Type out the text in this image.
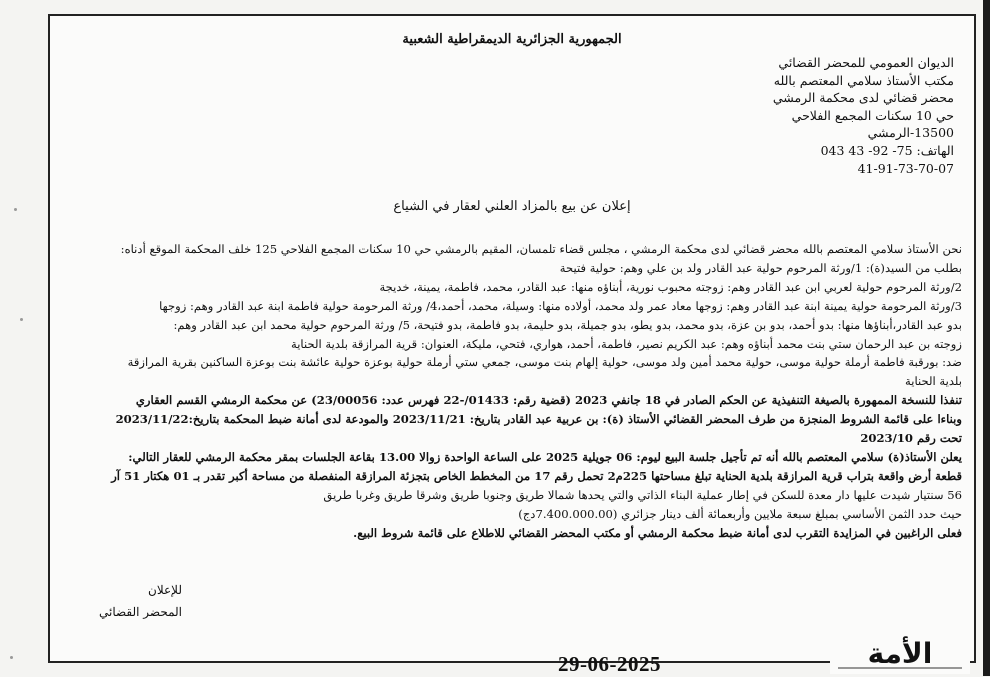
الجمهورية الجزائرية الديمقراطية الشعبية
الديوان العمومي للمحضر القضائي
مكتب الأستاذ سلامي المعتصم بالله
محضر قضائي لدى محكمة الرمشي
حي 10 سكنات المجمع الفلاحي
13500-الرمشي
الهاتف: 75- 92- 43 043
41-91-73-70-07
إعلان عن بيع بالمزاد العلني لعقار في الشياع
نحن الأستاذ سلامي المعتصم بالله محضر قضائي لدى محكمة الرمشي ، مجلس قضاء تلمسان، المقيم بالرمشي حي 10 سكنات المجمع الفلاحي 125 خلف المحكمة الموقع أدناه:
بطلب من السيد(ة): 1/ورثة المرحوم حولية عبد القادر ولد بن علي وهم: حولية فتيحة
2/ورثة المرحوم حولية لعربي ابن عبد القادر وهم: زوجته محبوب نورية، أبناؤه منها: عبد القادر، محمد، فاطمة، يمينة، خديجة
3/ورثة المرحومة حولية يمينة ابنة عبد القادر وهم: زوجها معاد عمر ولد محمد، أولاده منها: وسيلة، محمد، أحمد،4/ ورثة المرحومة حولية فاطمة ابنة عبد القادر وهم: زوجها
بدو عبد القادر،أبناؤها منها: بدو أحمد، بدو بن عزة، بدو محمد، بدو يطو، بدو جميلة، بدو حليمة، بدو فاطمة، بدو فتيحة، 5/ ورثة المرحوم حولية محمد ابن عبد القادر وهم:
زوجته بن عبد الرحمان ستي بنت محمد أبناؤه وهم: عبد الكريم نصير، فاطمة، أحمد، هواري، فتحي، مليكة، العنوان: قرية المرازقة بلدية الحناية
ضد: بورقبة فاطمة أرملة حولية موسى، حولية محمد أمين ولد موسى، حولية إلهام بنت موسى، جمعي ستي أرملة حولية بوعزة حولية عائشة بنت بوعزة الساكنين بقرية المرازقة
بلدية الحناية
تنفذا للنسخة الممهورة بالصيغة التنفيذية عن الحكم الصادر في 18 جانفي 2023 (قضية رقم: 01433/-22 فهرس عدد: 23/00056) عن محكمة الرمشي القسم العقاري
وبناءا على قائمة الشروط المنجزة من طرف المحضر القضائي الأستاذ (ة): بن عربية عبد القادر بتاريخ: 2023/11/21 والمودعة لدى أمانة ضبط المحكمة بتاريخ:2023/11/22
تحت رقم 2023/10
يعلن الأستاذ(ة) سلامي المعتصم بالله أنه تم تأجيل جلسة البيع ليوم: 06 جويلية 2025 على الساعة الواحدة زوالا 13.00 بقاعة الجلسات بمقر محكمة الرمشي للعقار التالي:
قطعة أرض واقعة بتراب قرية المرازقة بلدية الحناية تبلغ مساحتها 225م2 تحمل رقم 17 من المخطط الخاص بتجزئة المرازقة المنفصلة من مساحة أكبر تقدر بـ 01 هكتار 51 آر
56 سنتيار شيدت عليها دار معدة للسكن في إطار عملية البناء الذاتي والتي يحدها شمالا طريق وجنوبا طريق وشرقا طريق وغربا طريق
حيث حدد الثمن الأساسي بمبلغ سبعة ملايين وأربعمائة ألف دينار جزائري (7.400.000.00دج)
فعلى الراغبين في المزايدة التقرب لدى أمانة ضبط محكمة الرمشي أو مكتب المحضر القضائي للاطلاع على قائمة شروط البيع.
للإعلان
المحضر القضائي
29-06-2025	الأمة
